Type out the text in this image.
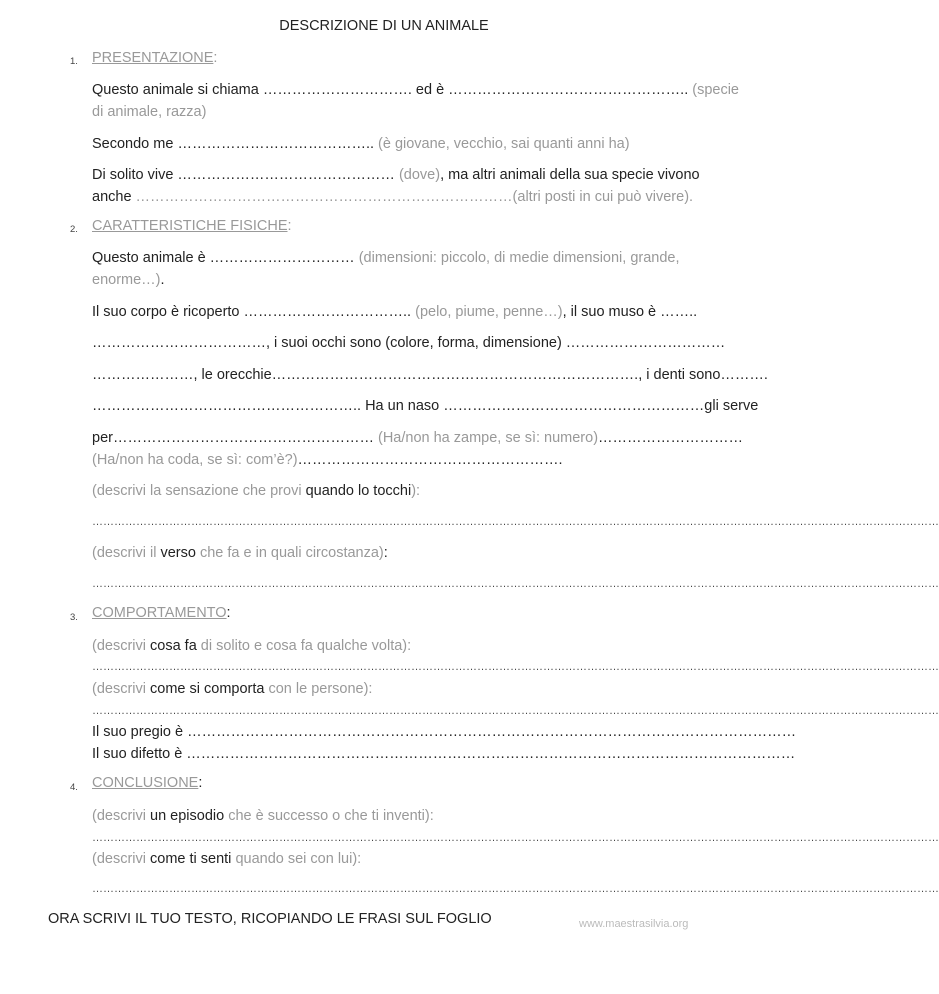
DESCRIZIONE DI UN ANIMALE
1. PRESENTAZIONE:
Questo animale si chiama …………………………. ed è ………………………………………….. (specie
di animale, razza)
Secondo me ………………………………….. (è giovane, vecchio, sai quanti anni ha)
Di solito vive ……………………………………… (dove), ma altri animali della sua specie vivono
anche ……………………………………………………………………(altri posti in cui può vivere).
2. CARATTERISTICHE FISICHE:
Questo animale è ………………………… (dimensioni: piccolo, di medie dimensioni, grande,
enorme…).
Il suo corpo è ricoperto …………………………….. (pelo, piume, penne…), il suo muso è ……..
………………………………, i suoi occhi sono (colore, forma, dimensione) ……………………………
…………………, le orecchie…………………………………………………………………., i denti sono……….
……………………………………………….. Ha un naso ………………………………………………gli serve
per……………………………………………… (Ha/non ha zampe, se sì: numero)…………………………
(Ha/non ha coda, se sì: com’è?)……………………………………………….
(descrivi la sensazione che provi quando lo tocchi):
……………………………………………………………………………………………………………………………………………………………………………………………………………
(descrivi il verso che fa e in quali circostanza):
……………………………………………………………………………………………………………………………………………………………………………………………………………
3. COMPORTAMENTO:
(descrivi cosa fa di solito e cosa fa qualche volta):
……………………………………………………………………………………………………………………………………………………………………………………………………………
(descrivi come si comporta con le persone):
……………………………………………………………………………………………………………………………………………………………………………………………………………
Il suo pregio è ………………………………………………………………………………………………………………
Il suo difetto è ………………………………………………………………………………………………………………
4. CONCLUSIONE:
(descrivi un episodio che è successo o che ti inventi):
……………………………………………………………………………………………………………………………………………………………………………………………………………
(descrivi come ti senti quando sei con lui):
……………………………………………………………………………………………………………………………………………………………………………………………………………
ORA SCRIVI IL TUO TESTO, RICOPIANDO LE FRASI SUL FOGLIO	www.maestrasilvia.org
